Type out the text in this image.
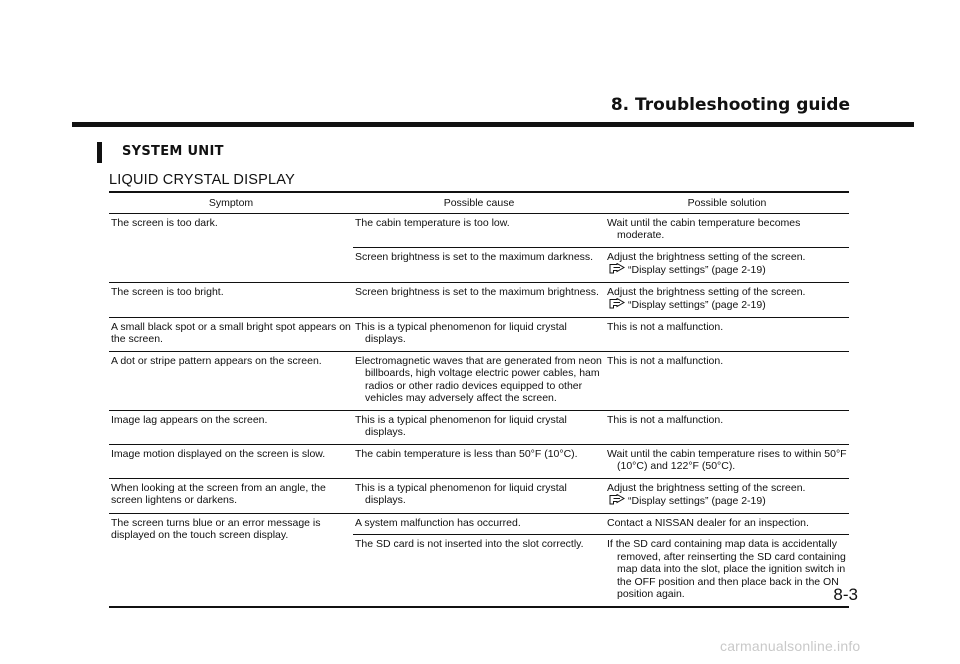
8. Troubleshooting guide
SYSTEM UNIT
LIQUID CRYSTAL DISPLAY
Symptom	Possible cause	Possible solution
The screen is too dark.	The cabin temperature is too low.	Wait until the cabin temperature becomes moderate.

	Screen brightness is set to the maximum darkness.	Adjust the brightness setting of the screen.
“Display settings” (page 2-19)

The screen is too bright.	Screen brightness is set to the maximum brightness.	Adjust the brightness setting of the screen.
“Display settings” (page 2-19)

A small black spot or a small bright spot appears on the screen.	This is a typical phenomenon for liquid crystal displays.	This is not a malfunction.

A dot or stripe pattern appears on the screen.	Electromagnetic waves that are generated from neon billboards, high voltage electric power cables, ham radios or other radio devices equipped to other vehicles may adversely affect the screen.	This is not a malfunction.

Image lag appears on the screen.	This is a typical phenomenon for liquid crystal displays.	This is not a malfunction.

Image motion displayed on the screen is slow.	The cabin temperature is less than 50°F (10°C).	Wait until the cabin temperature rises to within 50°F (10°C) and 122°F (50°C).

When looking at the screen from an angle, the screen lightens or darkens.	This is a typical phenomenon for liquid crystal displays.	Adjust the brightness setting of the screen.
“Display settings” (page 2-19)

The screen turns blue or an error message is displayed on the touch screen display.	A system malfunction has occurred.	Contact a NISSAN dealer for an inspection.

	The SD card is not inserted into the slot correctly.	If the SD card containing map data is accidentally removed, after reinserting the SD card containing map data into the slot, place the ignition switch in the OFF position and then place back in the ON position again.	8-3
carmanualsonline.info
